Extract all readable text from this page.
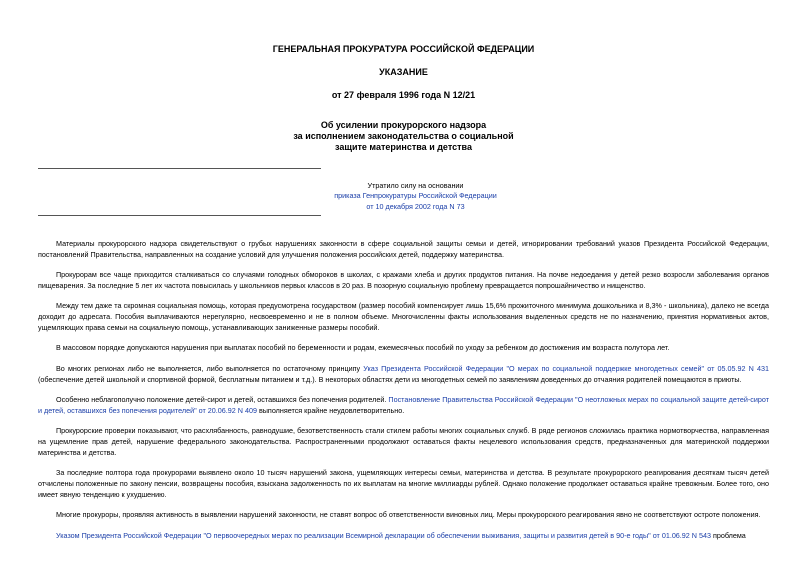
ГЕНЕРАЛЬНАЯ ПРОКУРАТУРА РОССИЙСКОЙ ФЕДЕРАЦИИ
УКАЗАНИЕ
от 27 февраля 1996 года N 12/21
Об усилении прокурорского надзора
за исполнением законодательства о социальной
защите материнства и детства
Утратило силу на основании
приказа Генпрокуратуры Российской Федерации
от 10 декабря 2002 года N 73

Материалы прокурорского надзора свидетельствуют о грубых нарушениях законности в сфере социальной защиты семьи и детей, игнорировании требований указов Президента Российской Федерации, постановлений Правительства, направленных на создание условий для улучшения положения российских детей, поддержку материнства.

Прокурорам все чаще приходится сталкиваться со случаями голодных обмороков в школах, с кражами хлеба и других продуктов питания. На почве недоедания у детей резко возросли заболевания органов пищеварения. За последние 5 лет их частота повысилась у школьников первых классов в 20 раз. В позорную социальную проблему превращается попрошайничество и нищенство.

Между тем даже та скромная социальная помощь, которая предусмотрена государством (размер пособий компенсирует лишь 15,6% прожиточного минимума дошкольника и 8,3% - школьника), далеко не всегда доходит до адресата. Пособия выплачиваются нерегулярно, несвоевременно и не в полном объеме. Многочисленны факты использования выделенных средств не по назначению, принятия нормативных актов, ущемляющих права семьи на социальную помощь, устанавливающих заниженные размеры пособий.

В массовом порядке допускаются нарушения при выплатах пособий по беременности и родам, ежемесячных пособий по уходу за ребенком до достижения им возраста полутора лет.

Во многих регионах либо не выполняется, либо выполняется по остаточному принципу Указ Президента Российской Федерации "О мерах по социальной поддержке многодетных семей" от 05.05.92 N 431 (обеспечение детей школьной и спортивной формой, бесплатным питанием и т.д.). В некоторых областях дети из многодетных семей по заявлениям доведенных до отчаяния родителей помещаются в приюты.

Особенно неблагополучно положение детей-сирот и детей, оставшихся без попечения родителей. Постановление Правительства Российской Федерации "О неотложных мерах по социальной защите детей-сирот и детей, оставшихся без попечения родителей" от 20.06.92 N 409 выполняется крайне неудовлетворительно.

Прокурорские проверки показывают, что расхлябанность, равнодушие, безответственность стали стилем работы многих социальных служб. В ряде регионов сложилась практика нормотворчества, направленная на ущемление прав детей, нарушение федерального законодательства. Распространенными продолжают оставаться факты нецелевого использования средств, предназначенных для материнской поддержки материнства и детства.

За последние полтора года прокурорами выявлено около 10 тысяч нарушений закона, ущемляющих интересы семьи, материнства и детства. В результате прокурорского реагирования десяткам тысяч детей отчислены положенные по закону пенсии, возвращены пособия, взыскана задолженность по их выплатам на многие миллиарды рублей. Однако положение продолжает оставаться крайне тревожным. Более того, оно имеет явную тенденцию к ухудшению.

Многие прокуроры, проявляя активность в выявлении нарушений законности, не ставят вопрос об ответственности виновных лиц. Меры прокурорского реагирования явно не соответствуют остроте положения.

Указом Президента Российской Федерации "О первоочередных мерах по реализации Всемирной декларации об обеспечении выживания, защиты и развития детей в 90-е годы" от 01.06.92 N 543 проблема
